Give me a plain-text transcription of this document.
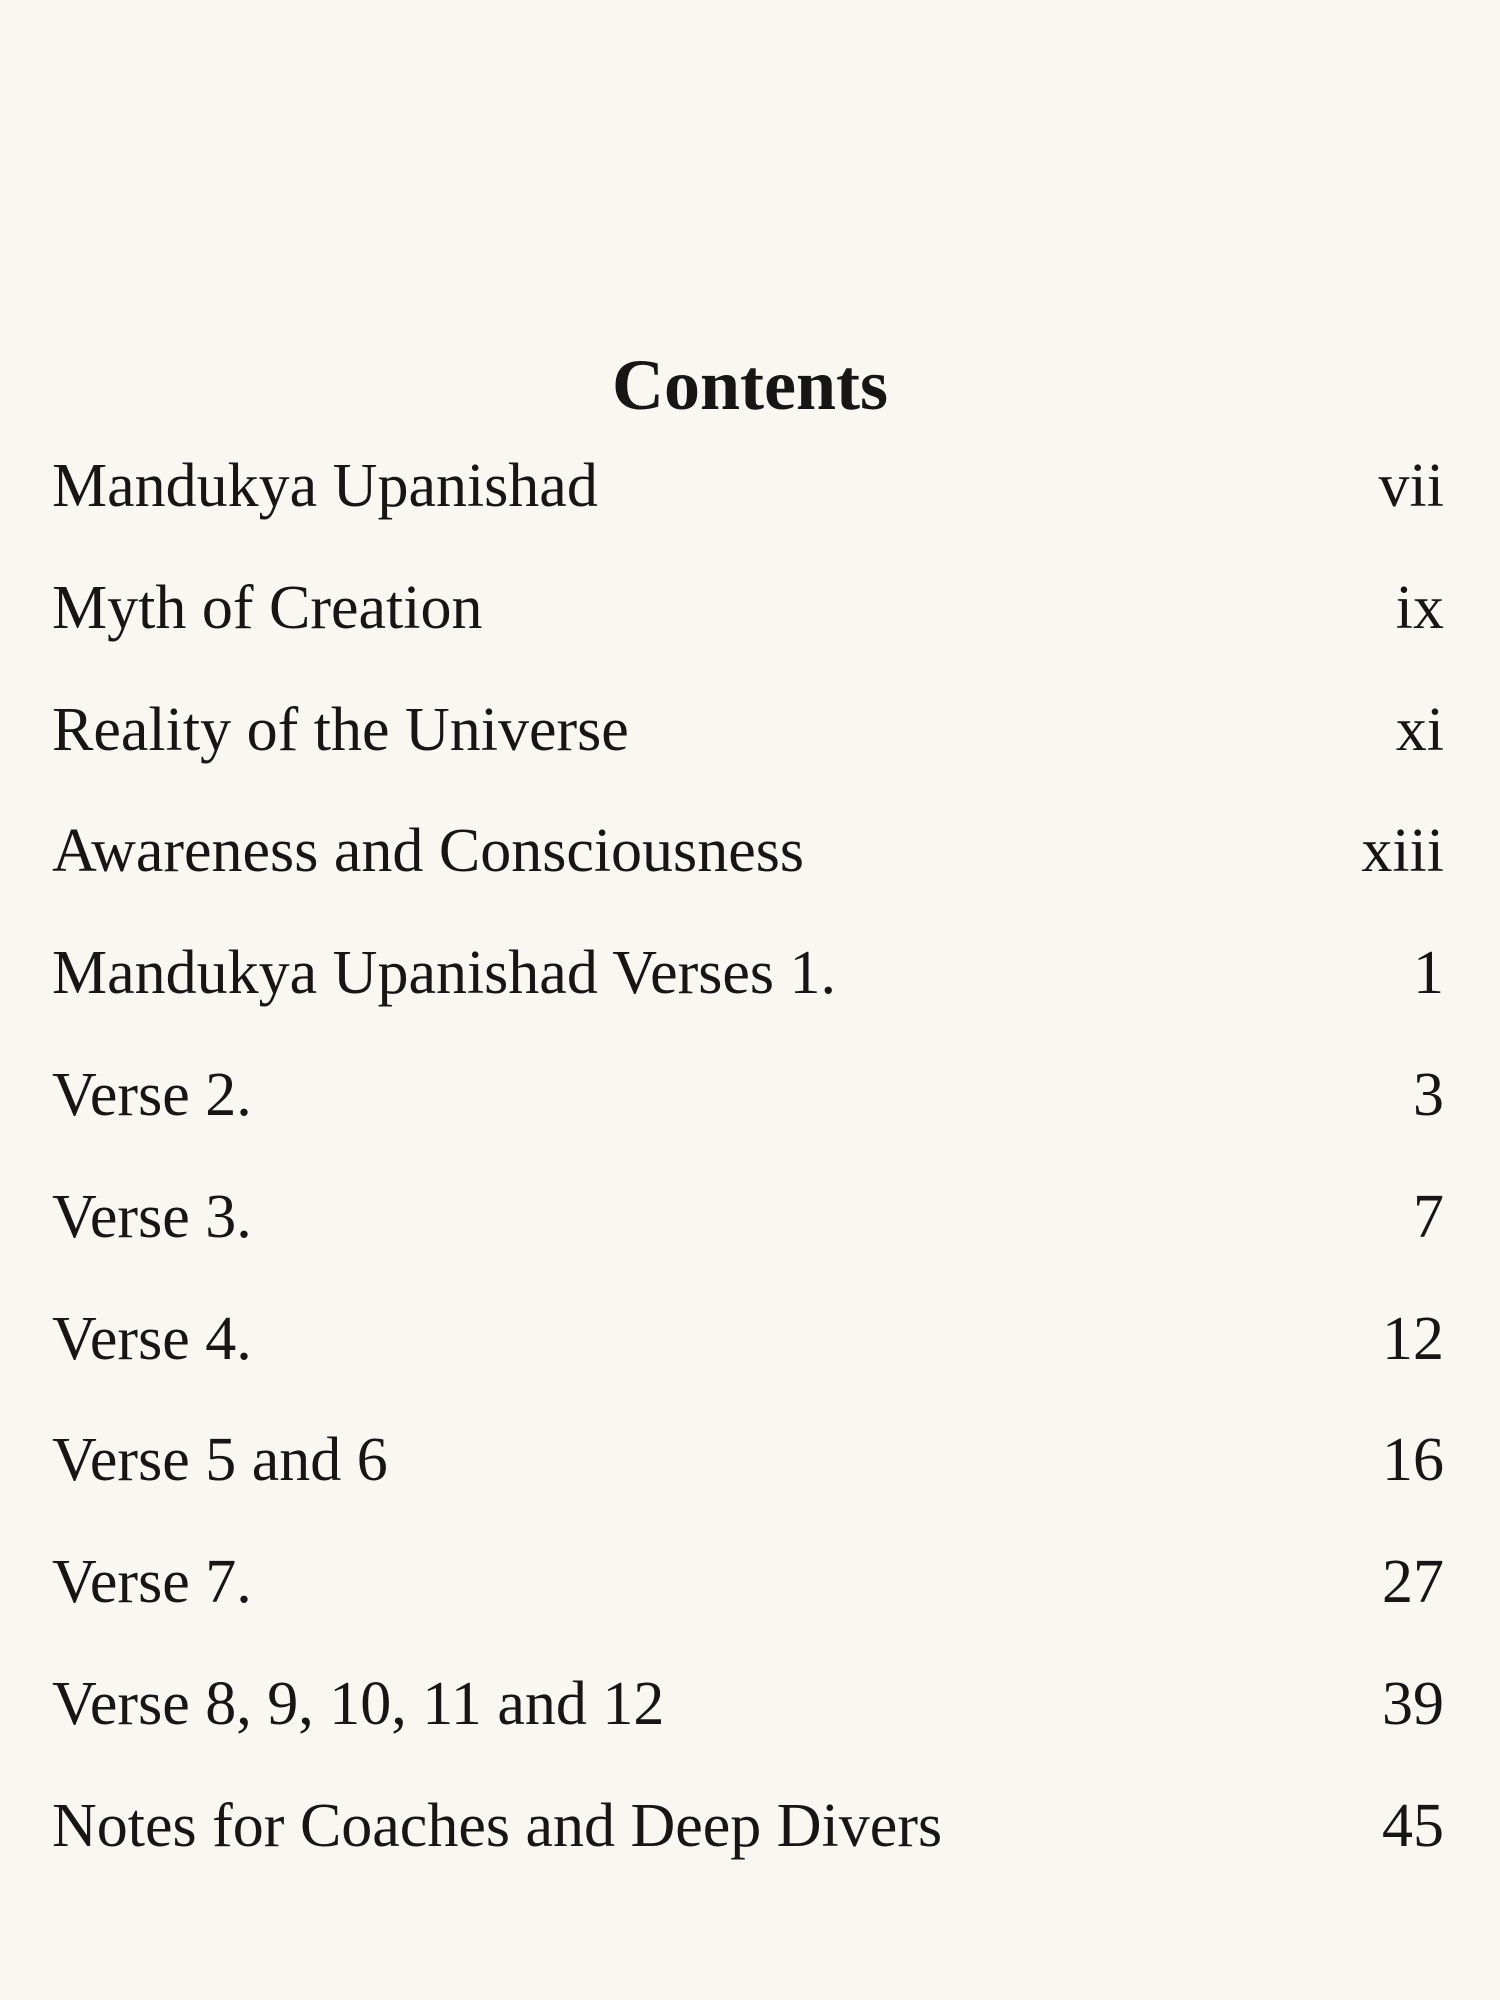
Contents
Mandukya Upanishad	vii
Myth of Creation	ix
Reality of the Universe	xi
Awareness and Consciousness	xiii
Mandukya Upanishad Verses 1.	1
Verse 2.	3
Verse 3.	7
Verse 4.	12
Verse 5 and 6	16
Verse 7.	27
Verse 8, 9, 10, 11 and 12	39
Notes for Coaches and Deep Divers	45
